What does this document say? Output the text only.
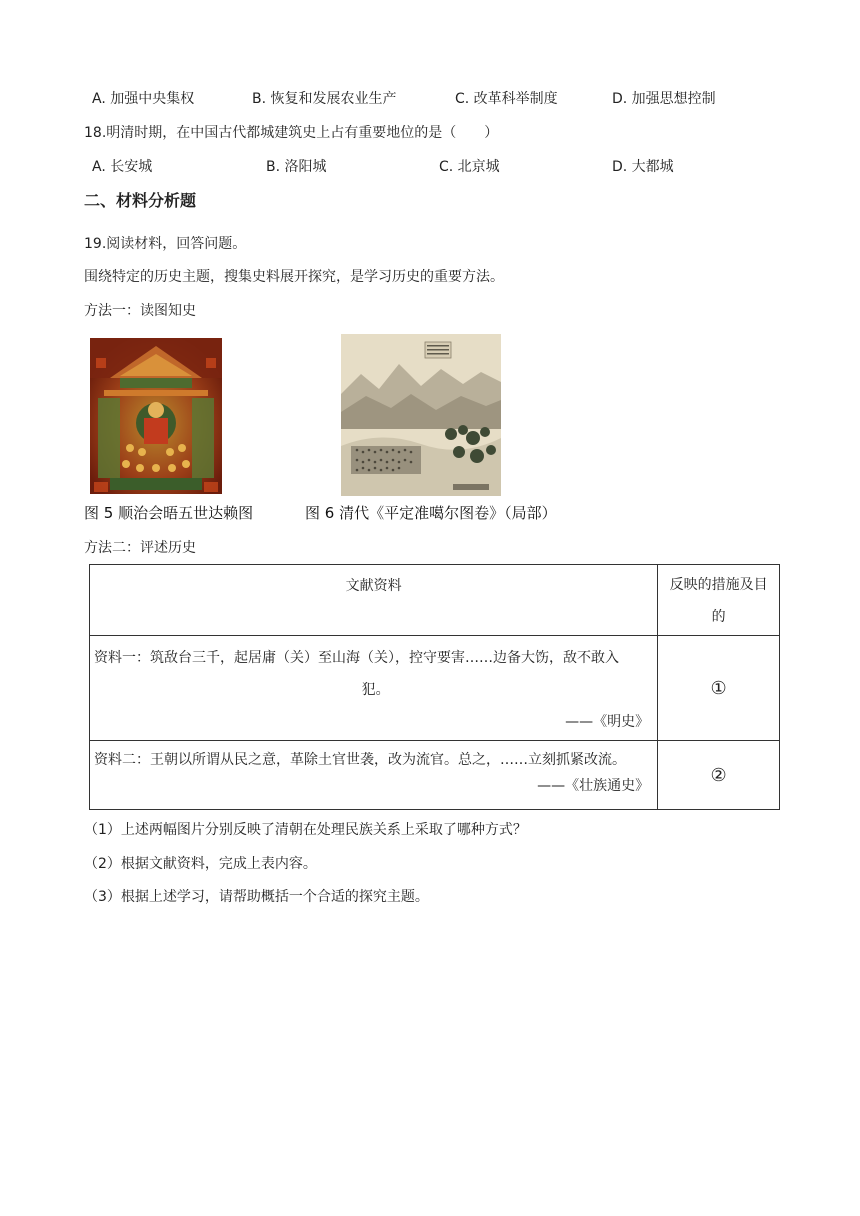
A. 加强中央集权	B. 恢复和发展农业生产	C. 改革科举制度	D. 加强思想控制
18.明清时期，在中国古代都城建筑史上占有重要地位的是（　　）
A. 长安城	B. 洛阳城	C. 北京城	D. 大都城
二、材料分析题
19.阅读材料，回答问题。
围绕特定的历史主题，搜集史料展开探究，是学习历史的重要方法。
方法一：读图知史
图 5 顺治会晤五世达赖图	图 6 清代《平定准噶尔图卷》（局部）
方法二：评述历史
文献资料	反映的措施及目
的

资料一：筑敌台三千，起居庸（关）至山海（关），控守要害……边备大饬，敌不敢入
犯。
——《明史》	①

资料二：王朝以所谓从民之意，革除土官世袭，改为流官。总之，……立刻抓紧改流。
——《壮族通史》	②
（1）上述两幅图片分别反映了清朝在处理民族关系上采取了哪种方式？
（2）根据文献资料，完成上表内容。
（3）根据上述学习，请帮助概括一个合适的探究主题。
